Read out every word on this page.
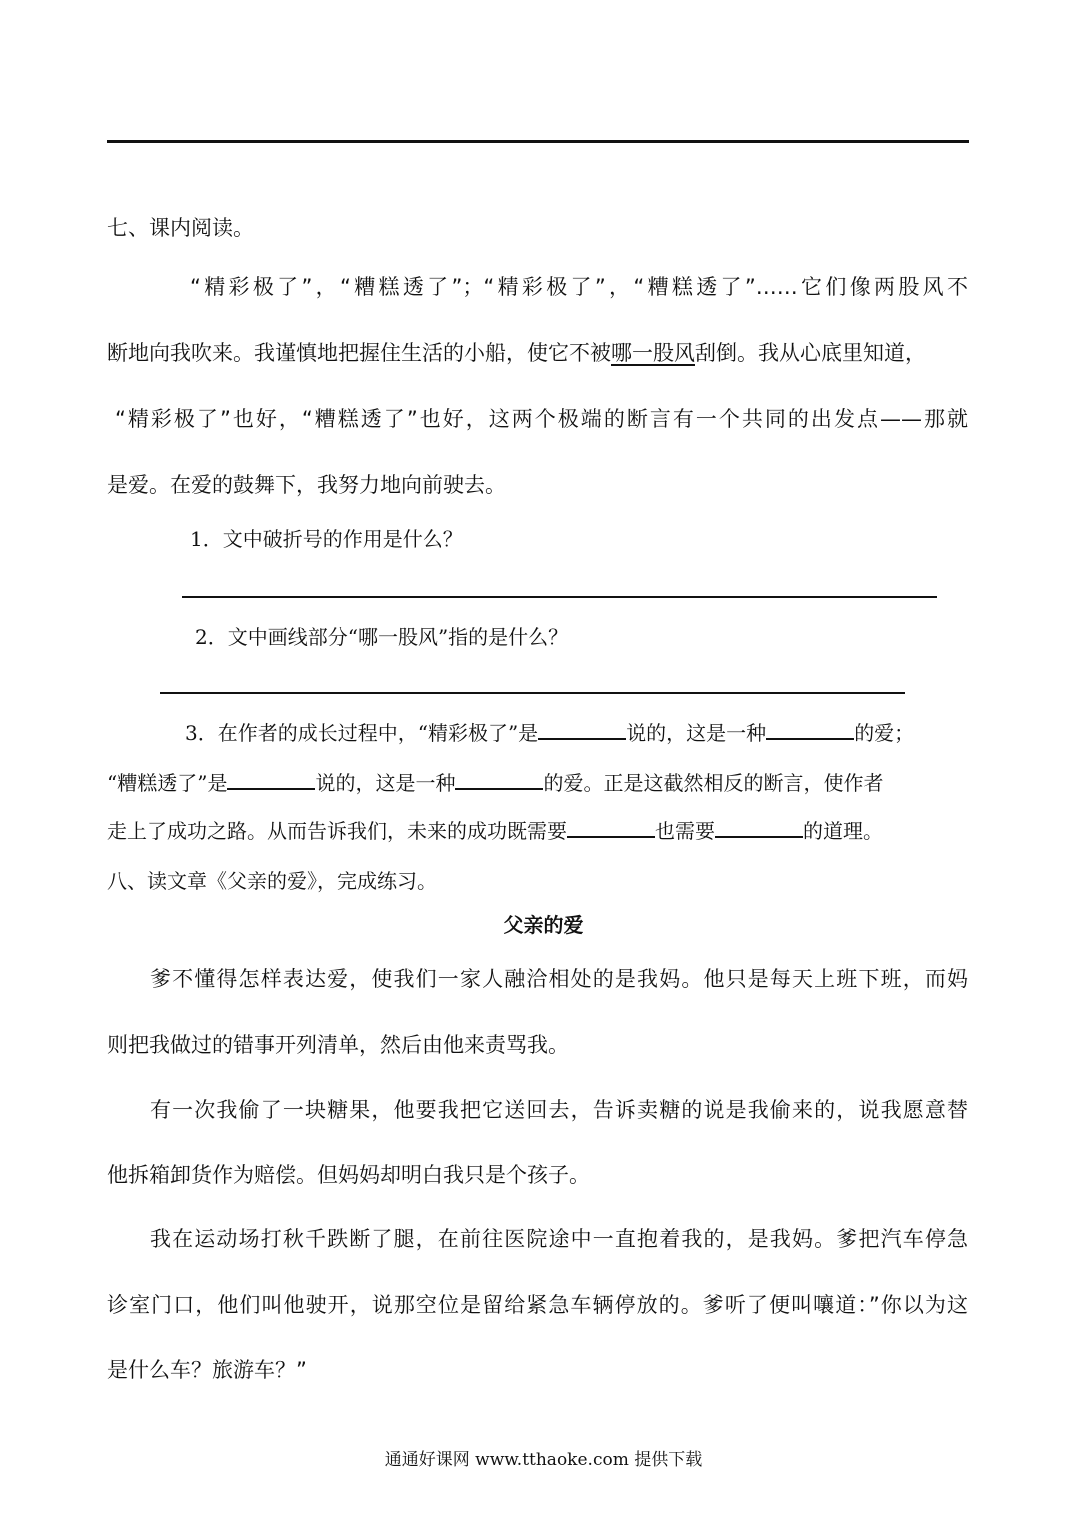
七、课内阅读。
“精彩极了”，“糟糕透了”；“精彩极了”，“糟糕透了”……它们像两股风不
断地向我吹来。我谨慎地把握住生活的小船，使它不被哪一股风刮倒。我从心底里知道，
“精彩极了”也好，“糟糕透了”也好，这两个极端的断言有一个共同的出发点——那就
是爱。在爱的鼓舞下，我努力地向前驶去。
1．文中破折号的作用是什么？
2．文中画线部分“哪一股风”指的是什么？
3．在作者的成长过程中，“精彩极了”是	说的，这是一种	的爱；
“糟糕透了”是	说的，这是一种	的爱。正是这截然相反的断言，使作者
走上了成功之路。从而告诉我们，未来的成功既需要	也需要	的道理。
八、读文章《父亲的爱》，完成练习。
父亲的爱
爹不懂得怎样表达爱，使我们一家人融洽相处的是我妈。他只是每天上班下班，而妈
则把我做过的错事开列清单，然后由他来责骂我。
有一次我偷了一块糖果，他要我把它送回去，告诉卖糖的说是我偷来的，说我愿意替
他拆箱卸货作为赔偿。但妈妈却明白我只是个孩子。
我在运动场打秋千跌断了腿，在前往医院途中一直抱着我的，是我妈。爹把汽车停急
诊室门口，他们叫他驶开，说那空位是留给紧急车辆停放的。爹听了便叫嚷道：”你以为这
是什么车？旅游车？”
通通好课网 www.tthaoke.com 提供下载
